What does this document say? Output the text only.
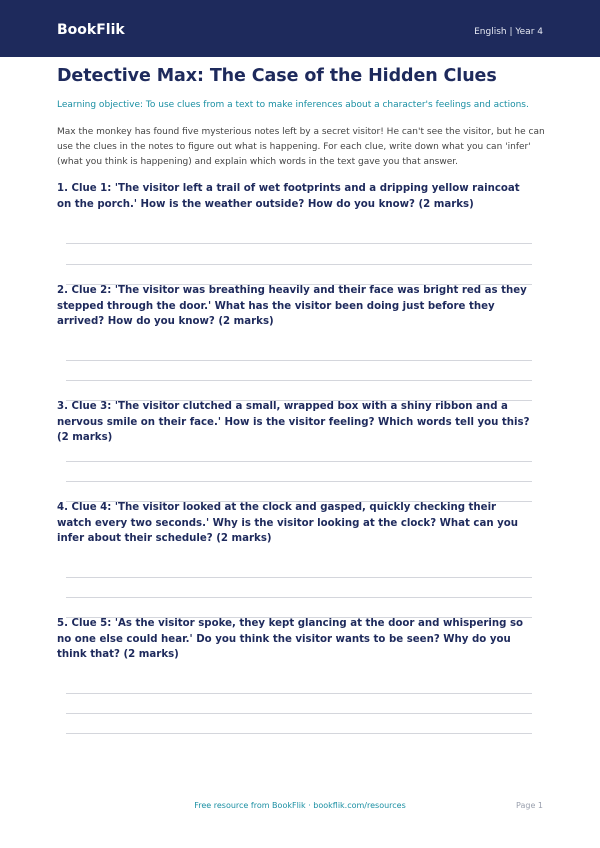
BookFlik	English | Year 4
Detective Max: The Case of the Hidden Clues
Learning objective: To use clues from a text to make inferences about a character's feelings and actions.
Max the monkey has found five mysterious notes left by a secret visitor! He can't see the visitor, but he can use the clues in the notes to figure out what is happening. For each clue, write down what you can 'infer' (what you think is happening) and explain which words in the text gave you that answer.
1. Clue 1: 'The visitor left a trail of wet footprints and a dripping yellow raincoat on the porch.' How is the weather outside? How do you know? (2 marks)
2. Clue 2: 'The visitor was breathing heavily and their face was bright red as they stepped through the door.' What has the visitor been doing just before they arrived? How do you know? (2 marks)
3. Clue 3: 'The visitor clutched a small, wrapped box with a shiny ribbon and a nervous smile on their face.' How is the visitor feeling? Which words tell you this? (2 marks)
4. Clue 4: 'The visitor looked at the clock and gasped, quickly checking their watch every two seconds.' Why is the visitor looking at the clock? What can you infer about their schedule? (2 marks)
5. Clue 5: 'As the visitor spoke, they kept glancing at the door and whispering so no one else could hear.' Do you think the visitor wants to be seen? Why do you think that? (2 marks)
Free resource from BookFlik · bookflik.com/resources	Page 1
